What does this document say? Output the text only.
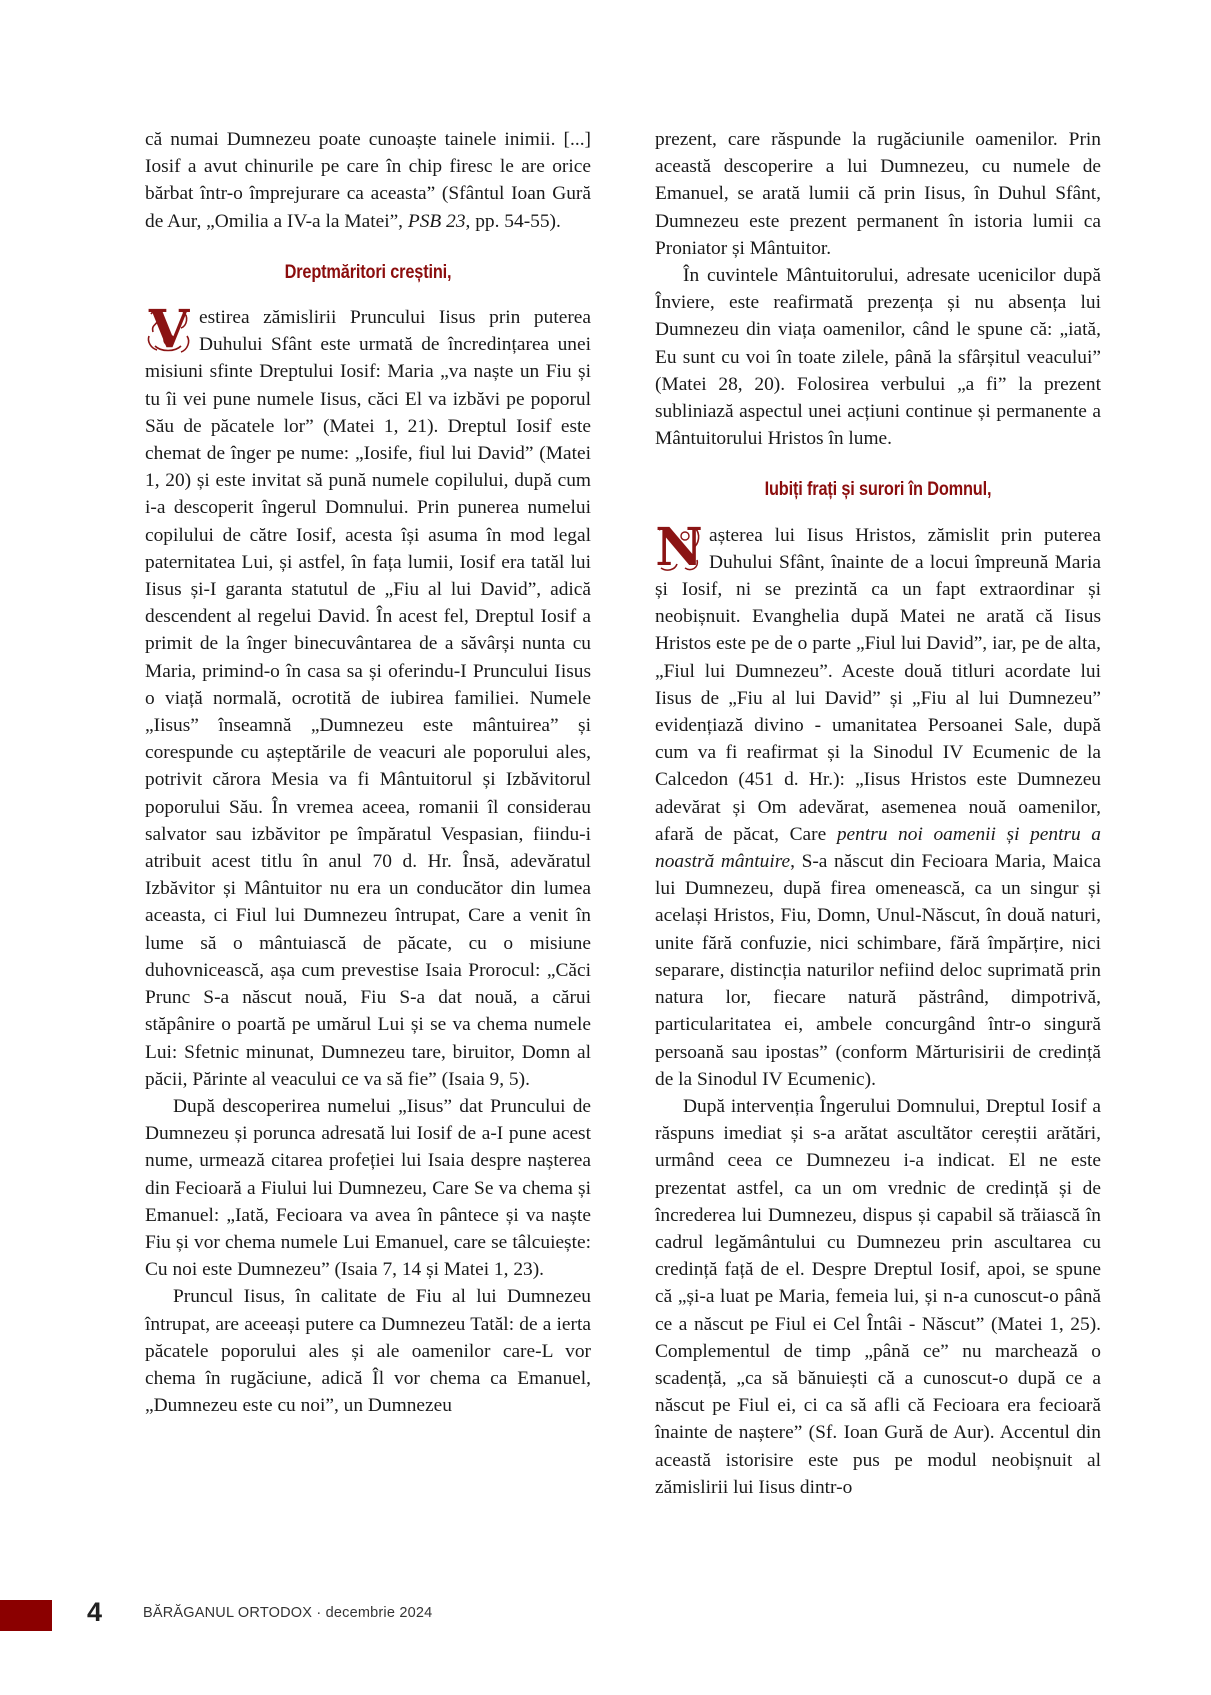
că numai Dumnezeu poate cunoaște tainele inimii. [...] Iosif a avut chinurile pe care în chip firesc le are orice bărbat într-o împrejurare ca aceasta” (Sfântul Ioan Gură de Aur, „Omilia a IV-a la Matei”, PSB 23, pp. 54-55).

Dreptmăritori creștini,

V estirea zămislirii Pruncului Iisus prin puterea Duhului Sfânt este urmată de încredințarea unei misiuni sfinte Dreptului Iosif: Maria „va naște un Fiu și tu îi vei pune numele Iisus, căci El va izbăvi pe poporul Său de păcatele lor” (Matei 1, 21). Dreptul Iosif este chemat de înger pe nume: „Iosife, fiul lui David” (Matei 1, 20) și este invitat să pună numele copilului, după cum i-a descoperit îngerul Domnului. Prin punerea numelui copilului de către Iosif, acesta își asuma în mod legal paternitatea Lui, și astfel, în fața lumii, Iosif era tatăl lui Iisus și-I garanta statutul de „Fiu al lui David”, adică descendent al regelui David. În acest fel, Dreptul Iosif a primit de la înger binecuvântarea de a săvârși nunta cu Maria, primind-o în casa sa și oferindu-I Pruncului Iisus o viață normală, ocrotită de iubirea familiei. Numele „Iisus” înseamnă „Dumnezeu este mântuirea” și corespunde cu așteptările de veacuri ale poporului ales, potrivit cărora Mesia va fi Mântuitorul și Izbăvitorul poporului Său. În vremea aceea, romanii îl considerau salvator sau izbăvitor pe împăratul Vespasian, fiindu-i atribuit acest titlu în anul 70 d. Hr. Însă, adevăratul Izbăvitor și Mântuitor nu era un conducător din lumea aceasta, ci Fiul lui Dumnezeu întrupat, Care a venit în lume să o mântuiască de păcate, cu o misiune duhovnicească, așa cum prevestise Isaia Prorocul: „Căci Prunc S-a născut nouă, Fiu S-a dat nouă, a cărui stăpânire o poartă pe umărul Lui și se va chema numele Lui: Sfetnic minunat, Dumnezeu tare, biruitor, Domn al păcii, Părinte al veacului ce va să fie” (Isaia 9, 5).

După descoperirea numelui „Iisus” dat Pruncului de Dumnezeu și porunca adresată lui Iosif de a-I pune acest nume, urmează citarea profeției lui Isaia despre nașterea din Fecioară a Fiului lui Dumnezeu, Care Se va chema și Emanuel: „Iată, Fecioara va avea în pântece și va naște Fiu și vor chema numele Lui Emanuel, care se tâlcuiește: Cu noi este Dumnezeu” (Isaia 7, 14 și Matei 1, 23).

Pruncul Iisus, în calitate de Fiu al lui Dumnezeu întrupat, are aceeași putere ca Dumnezeu Tatăl: de a ierta păcatele poporului ales și ale oamenilor care-L vor chema în rugăciune, adică Îl vor chema ca Emanuel, „Dumnezeu este cu noi”, un Dumnezeu

prezent, care răspunde la rugăciunile oamenilor. Prin această descoperire a lui Dumnezeu, cu numele de Emanuel, se arată lumii că prin Iisus, în Duhul Sfânt, Dumnezeu este prezent permanent în istoria lumii ca Proniator și Mântuitor.

În cuvintele Mântuitorului, adresate ucenicilor după Înviere, este reafirmată prezența și nu absența lui Dumnezeu din viața oamenilor, când le spune că: „iată, Eu sunt cu voi în toate zilele, până la sfârșitul veacului” (Matei 28, 20). Folosirea verbului „a fi” la prezent subliniază aspectul unei acțiuni continue și permanente a Mântuitorului Hristos în lume.

Iubiți frați și surori în Domnul,

N așterea lui Iisus Hristos, zămislit prin puterea Duhului Sfânt, înainte de a locui împreună Maria și Iosif, ni se prezintă ca un fapt extraordinar și neobișnuit. Evanghelia după Matei ne arată că Iisus Hristos este pe de o parte „Fiul lui David”, iar, pe de alta, „Fiul lui Dumnezeu”. Aceste două titluri acordate lui Iisus de „Fiu al lui David” și „Fiu al lui Dumnezeu” evidențiază divino - umanitatea Persoanei Sale, după cum va fi reafirmat și la Sinodul IV Ecumenic de la Calcedon (451 d. Hr.): „Iisus Hristos este Dumnezeu adevărat și Om adevărat, asemenea nouă oamenilor, afară de păcat, Care pentru noi oamenii și pentru a noastră mântuire, S-a născut din Fecioara Maria, Maica lui Dumnezeu, după firea omenească, ca un singur și același Hristos, Fiu, Domn, Unul-Născut, în două naturi, unite fără confuzie, nici schimbare, fără împărțire, nici separare, distincția naturilor nefiind deloc suprimată prin natura lor, fiecare natură păstrând, dimpotrivă, particularitatea ei, ambele concurgând într-o singură persoană sau ipostas” (conform Mărturisirii de credință de la Sinodul IV Ecumenic).

După intervenția Îngerului Domnului, Dreptul Iosif a răspuns imediat și s-a arătat ascultător cereștii arătări, urmând ceea ce Dumnezeu i-a indicat. El ne este prezentat astfel, ca un om vrednic de credință și de încrederea lui Dumnezeu, dispus și capabil să trăiască în cadrul legământului cu Dumnezeu prin ascultarea cu credință față de el. Despre Dreptul Iosif, apoi, se spune că „și-a luat pe Maria, femeia lui, și n-a cunoscut-o până ce a născut pe Fiul ei Cel Întâi - Născut” (Matei 1, 25). Complementul de timp „până ce” nu marchează o scadență, „ca să bănuiești că a cunoscut-o după ce a născut pe Fiul ei, ci ca să afli că Fecioara era fecioară înainte de naștere” (Sf. Ioan Gură de Aur). Accentul din această istorisire este pus pe modul neobișnuit al zămislirii lui Iisus dintr-o

4	BĂRĂGANUL ORTODOX · decembrie 2024
